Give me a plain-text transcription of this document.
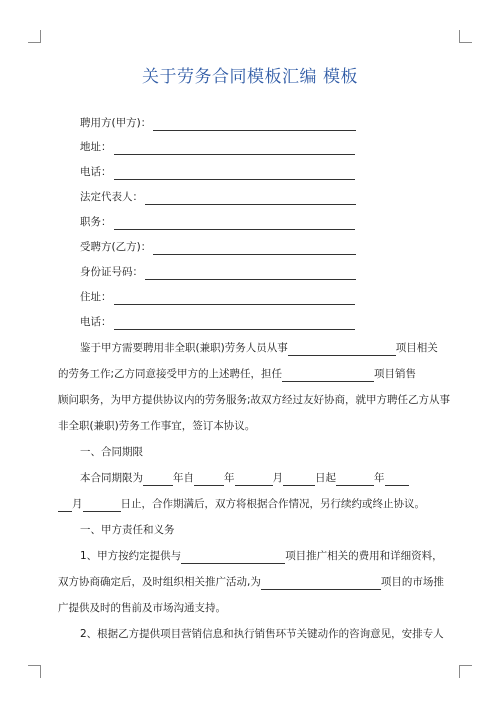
关于劳务合同模板汇编 模板
聘用方(甲方)：
地址：
电话：
法定代表人：
职务：
受聘方(乙方)：
身份证号码：
住址：
电话：
鉴于甲方需要聘用非全职(兼职)劳务人员从事	项目相关
的劳务工作;乙方同意接受甲方的上述聘任，担任	项目销售
顾问职务，为甲方提供协议内的劳务服务;故双方经过友好协商，就甲方聘任乙方从事
非全职(兼职)劳务工作事宜，签订本协议。
一、合同期限
本合同期限为	年自	年	月	日起	年
月	日止，合作期满后，双方将根据合作情况，另行续约或终止协议。
一、甲方责任和义务
1、甲方按约定提供与	项目推广相关的费用和详细资料，
双方协商确定后，及时组织相关推广活动,为	项目的市场推
广提供及时的售前及市场沟通支持。
2、根据乙方提供项目营销信息和执行销售环节关键动作的咨询意见，安排专人
